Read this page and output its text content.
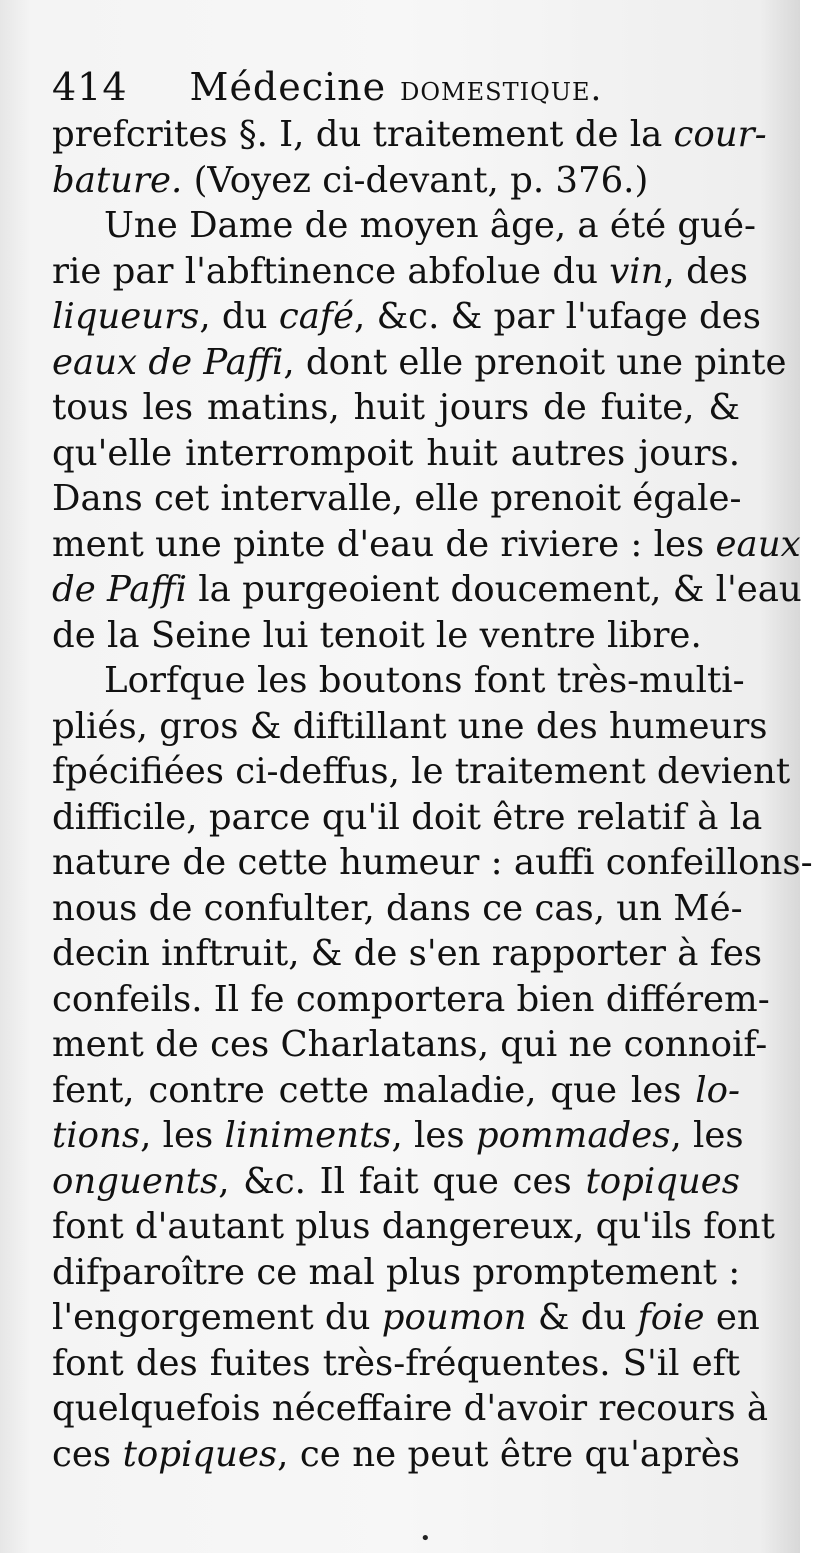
414 Médecine domestique.
prefcrites §. I, du traitement de la cour-
bature. (Voyez ci-devant, p. 376.)
Une Dame de moyen âge, a été gué-
rie par l'abftinence abfolue du vin, des
liqueurs, du café, &c. & par l'ufage des
eaux de Paffi, dont elle prenoit une pinte
tous les matins, huit jours de fuite, &
qu'elle interrompoit huit autres jours.
Dans cet intervalle, elle prenoit égale-
ment une pinte d'eau de riviere : les eaux
de Paffi la purgeoient doucement, & l'eau
de la Seine lui tenoit le ventre libre.
Lorfque les boutons font très-multi-
pliés, gros & diftillant une des humeurs
fpécifiées ci-deffus, le traitement devient
difficile, parce qu'il doit être relatif à la
nature de cette humeur : auffi confeillons-
nous de confulter, dans ce cas, un Mé-
decin inftruit, & de s'en rapporter à fes
confeils. Il fe comportera bien différem-
ment de ces Charlatans, qui ne connoif-
fent, contre cette maladie, que les lo-
tions, les liniments, les pommades, les
onguents, &c. Il fait que ces topiques
font d'autant plus dangereux, qu'ils font
difparoître ce mal plus promptement :
l'engorgement du poumon & du foie en
font des fuites très-fréquentes. S'il eft
quelquefois néceffaire d'avoir recours à
ces topiques, ce ne peut être qu'après
•
